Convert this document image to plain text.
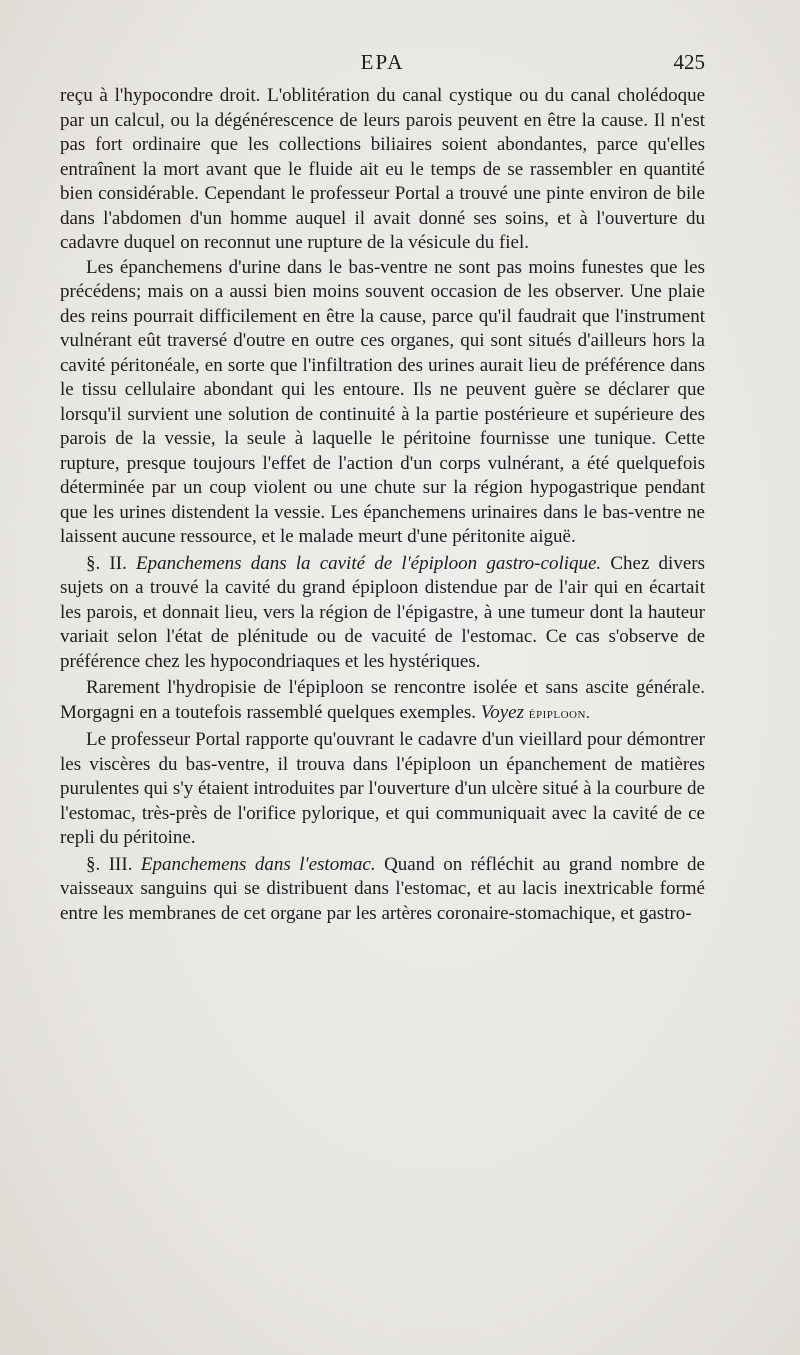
EPA	425

reçu à l'hypocondre droit. L'oblitération du canal cystique ou du canal cholédoque par un calcul, ou la dégénérescence de leurs parois peuvent en être la cause. Il n'est pas fort ordinaire que les collections biliaires soient abondantes, parce qu'elles entraînent la mort avant que le fluide ait eu le temps de se rassembler en quantité bien considérable. Cependant le professeur Portal a trouvé une pinte environ de bile dans l'abdomen d'un homme auquel il avait donné ses soins, et à l'ouverture du cadavre duquel on reconnut une rupture de la vésicule du fiel.

Les épanchemens d'urine dans le bas-ventre ne sont pas moins funestes que les précédens; mais on a aussi bien moins souvent occasion de les observer. Une plaie des reins pourrait difficilement en être la cause, parce qu'il faudrait que l'instrument vulnérant eût traversé d'outre en outre ces organes, qui sont situés d'ailleurs hors la cavité péritonéale, en sorte que l'infiltration des urines aurait lieu de préférence dans le tissu cellulaire abondant qui les entoure. Ils ne peuvent guère se déclarer que lorsqu'il survient une solution de continuité à la partie postérieure et supérieure des parois de la vessie, la seule à laquelle le péritoine fournisse une tunique. Cette rupture, presque toujours l'effet de l'action d'un corps vulnérant, a été quelquefois déterminée par un coup violent ou une chute sur la région hypogastrique pendant que les urines distendent la vessie. Les épanchemens urinaires dans le bas-ventre ne laissent aucune ressource, et le malade meurt d'une péritonite aiguë.

§. II. Epanchemens dans la cavité de l'épiploon gastro-colique. Chez divers sujets on a trouvé la cavité du grand épiploon distendue par de l'air qui en écartait les parois, et donnait lieu, vers la région de l'épigastre, à une tumeur dont la hauteur variait selon l'état de plénitude ou de vacuité de l'estomac. Ce cas s'observe de préférence chez les hypocondriaques et les hystériques.

Rarement l'hydropisie de l'épiploon se rencontre isolée et sans ascite générale. Morgagni en a toutefois rassemblé quelques exemples. Voyez épiploon.

Le professeur Portal rapporte qu'ouvrant le cadavre d'un vieillard pour démontrer les viscères du bas-ventre, il trouva dans l'épiploon un épanchement de matières purulentes qui s'y étaient introduites par l'ouverture d'un ulcère situé à la courbure de l'estomac, très-près de l'orifice pylorique, et qui communiquait avec la cavité de ce repli du péritoine.

§. III. Epanchemens dans l'estomac. Quand on réfléchit au grand nombre de vaisseaux sanguins qui se distribuent dans l'estomac, et au lacis inextricable formé entre les membranes de cet organe par les artères coronaire-stomachique, et gastro-
